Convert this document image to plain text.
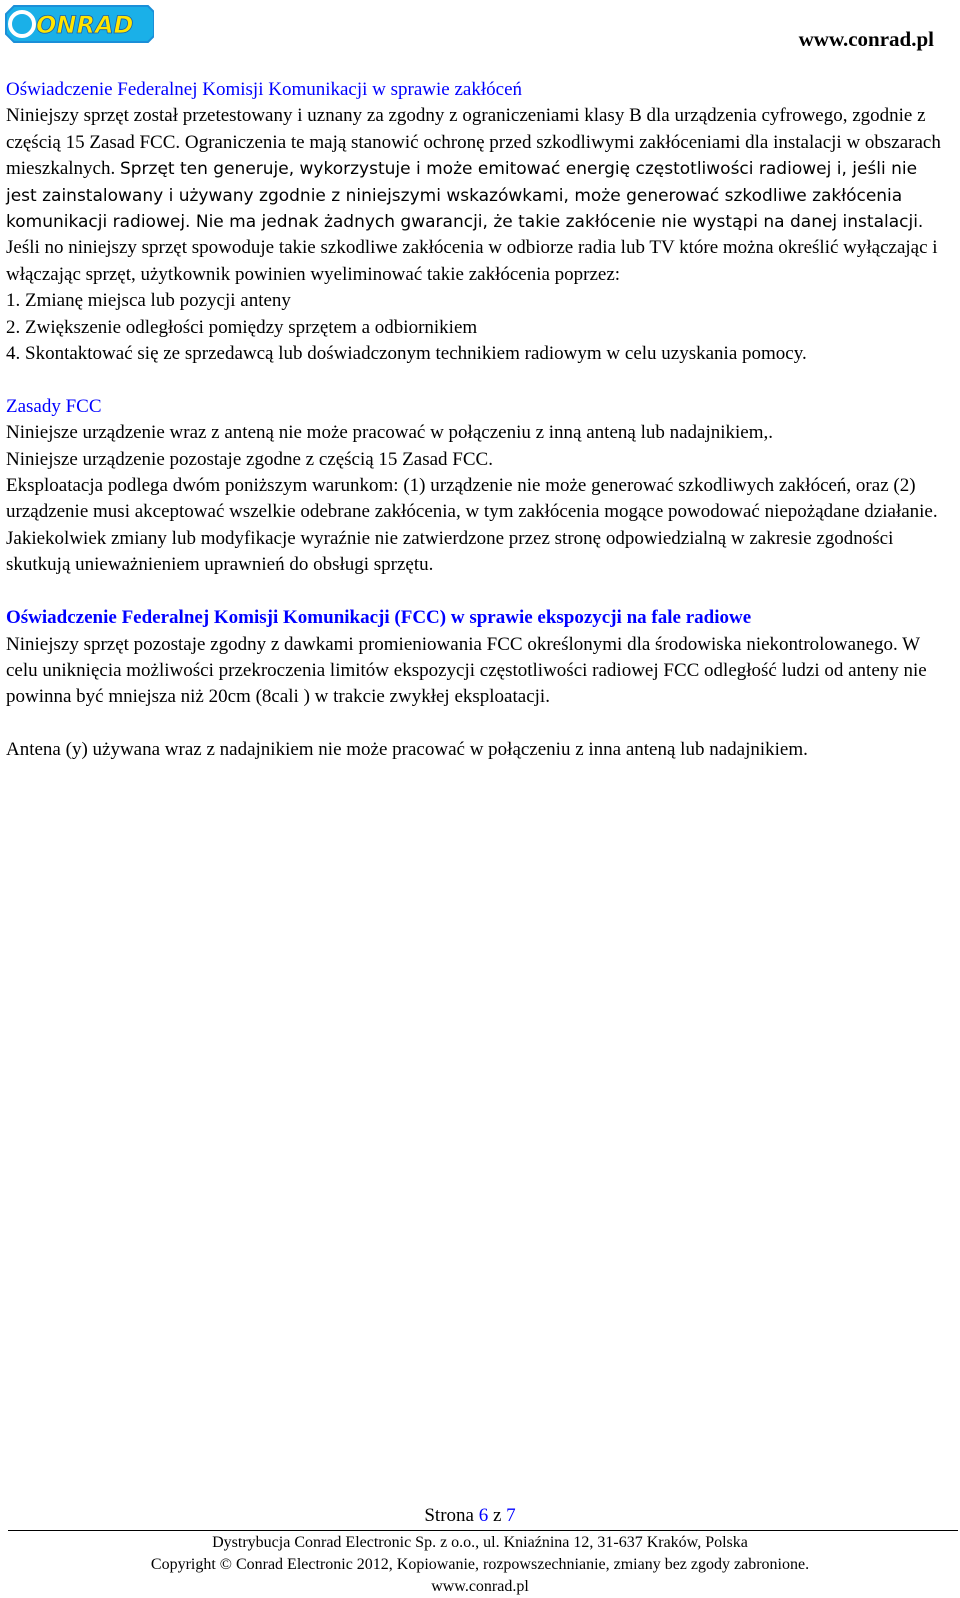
ONRAD	www.conrad.pl

Oświadczenie Federalnej Komisji Komunikacji w sprawie zakłóceń

Niniejszy sprzęt został przetestowany i uznany za zgodny z ograniczeniami klasy B dla urządzenia cyfrowego, zgodnie z częścią 15 Zasad FCC. Ograniczenia te mają stanowić ochronę przed szkodliwymi zakłóceniami dla instalacji w obszarach mieszkalnych. Sprzęt ten generuje, wykorzystuje i może emitować energię częstotliwości radiowej i, jeśli nie jest zainstalowany i używany zgodnie z niniejszymi wskazówkami, może generować szkodliwe zakłócenia komunikacji radiowej. Nie ma jednak żadnych gwarancji, że takie zakłócenie nie wystąpi na danej instalacji. Jeśli no niniejszy sprzęt spowoduje takie szkodliwe zakłócenia w odbiorze radia lub TV które można określić wyłączając i włączając sprzęt, użytkownik powinien wyeliminować takie zakłócenia poprzez:

1. Zmianę miejsca lub pozycji anteny

2. Zwiększenie odległości pomiędzy sprzętem a odbiornikiem

4. Skontaktować się ze sprzedawcą lub doświadczonym technikiem radiowym w celu uzyskania pomocy.

Zasady FCC

Niniejsze urządzenie wraz z anteną nie może pracować w połączeniu z inną anteną lub nadajnikiem,.

Niniejsze urządzenie pozostaje zgodne z częścią 15 Zasad FCC.

Eksploatacja podlega dwóm poniższym warunkom: (1) urządzenie nie może generować szkodliwych zakłóceń, oraz (2) urządzenie musi akceptować wszelkie odebrane zakłócenia, w tym zakłócenia mogące powodować niepożądane działanie. Jakiekolwiek zmiany lub modyfikacje wyraźnie nie zatwierdzone przez stronę odpowiedzialną w zakresie zgodności skutkują unieważnieniem uprawnień do obsługi sprzętu.

Oświadczenie Federalnej Komisji Komunikacji (FCC) w sprawie ekspozycji na fale radiowe

Niniejszy sprzęt pozostaje zgodny z dawkami promieniowania FCC określonymi dla środowiska niekontrolowanego. W celu uniknięcia możliwości przekroczenia limitów ekspozycji częstotliwości radiowej FCC odległość ludzi od anteny nie powinna być mniejsza niż 20cm (8cali ) w trakcie zwykłej eksploatacji.

Antena (y) używana wraz z nadajnikiem nie może pracować w połączeniu z inna anteną lub nadajnikiem.

Strona 6 z 7
Dystrybucja Conrad Electronic Sp. z o.o., ul. Kniaźnina 12, 31-637 Kraków, Polska
Copyright © Conrad Electronic 2012, Kopiowanie, rozpowszechnianie, zmiany bez zgody zabronione.
www.conrad.pl
